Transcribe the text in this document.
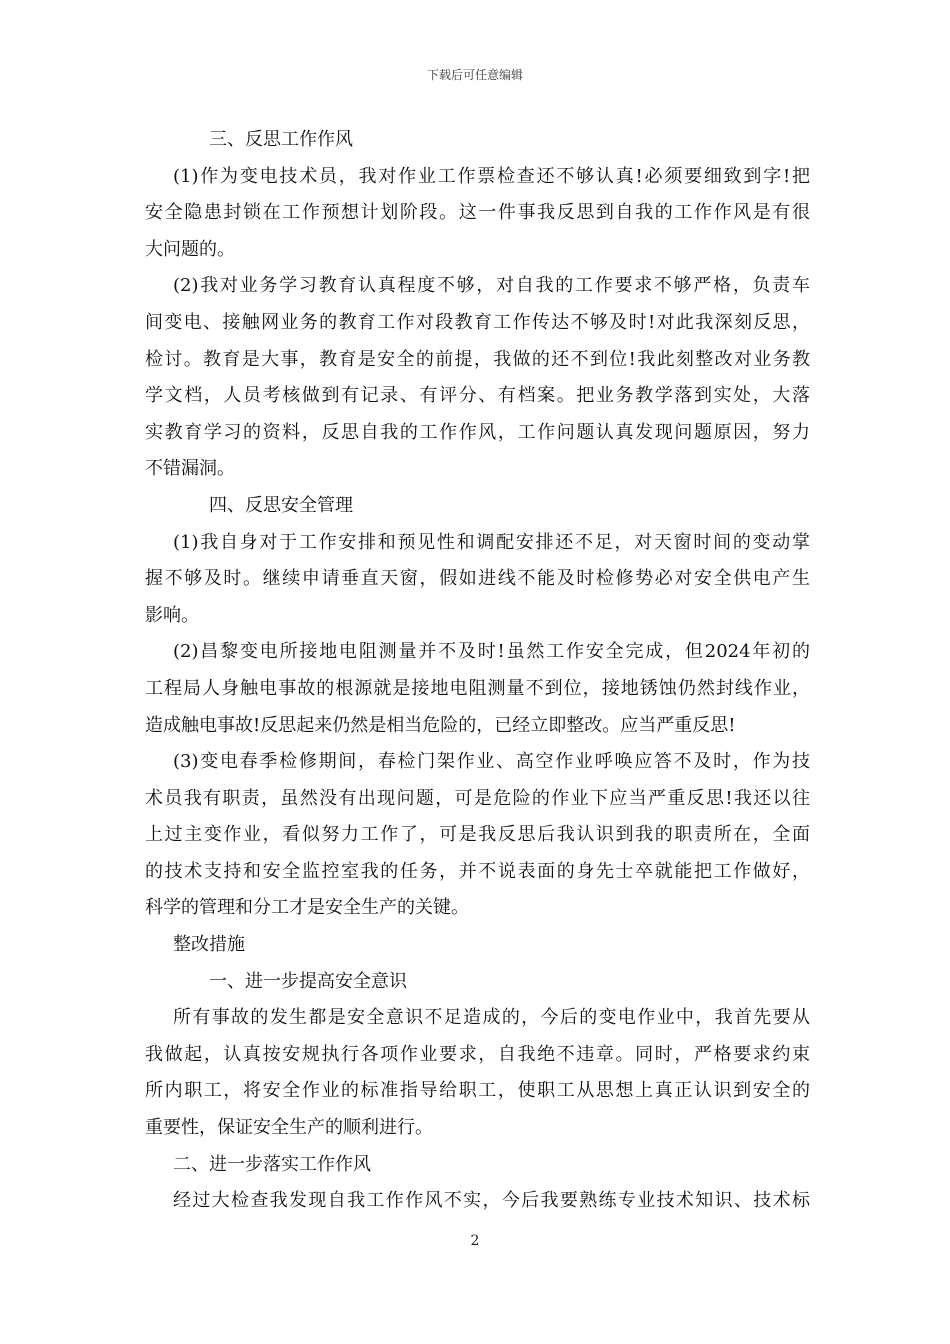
下载后可任意编辑
三、反思工作作风
(1)作为变电技术员，我对作业工作票检查还不够认真!必须要细致到字!把
安全隐患封锁在工作预想计划阶段。这一件事我反思到自我的工作作风是有很
大问题的。
(2)我对业务学习教育认真程度不够，对自我的工作要求不够严格，负责车
间变电、接触网业务的教育工作对段教育工作传达不够及时!对此我深刻反思，
检讨。教育是大事，教育是安全的前提，我做的还不到位!我此刻整改对业务教
学文档，人员考核做到有记录、有评分、有档案。把业务教学落到实处，大落
实教育学习的资料，反思自我的工作作风，工作问题认真发现问题原因，努力
不错漏洞。
四、反思安全管理
(1)我自身对于工作安排和预见性和调配安排还不足，对天窗时间的变动掌
握不够及时。继续申请垂直天窗，假如进线不能及时检修势必对安全供电产生
影响。
(2)昌黎变电所接地电阻测量并不及时!虽然工作安全完成，但2024年初的
工程局人身触电事故的根源就是接地电阻测量不到位，接地锈蚀仍然封线作业，
造成触电事故!反思起来仍然是相当危险的，已经立即整改。应当严重反思!
(3)变电春季检修期间，春检门架作业、高空作业呼唤应答不及时，作为技
术员我有职责，虽然没有出现问题，可是危险的作业下应当严重反思!我还以往
上过主变作业，看似努力工作了，可是我反思后我认识到我的职责所在，全面
的技术支持和安全监控室我的任务，并不说表面的身先士卒就能把工作做好，
科学的管理和分工才是安全生产的关键。
整改措施
一、进一步提高安全意识
所有事故的发生都是安全意识不足造成的，今后的变电作业中，我首先要从
我做起，认真按安规执行各项作业要求，自我绝不违章。同时，严格要求约束
所内职工，将安全作业的标准指导给职工，使职工从思想上真正认识到安全的
重要性，保证安全生产的顺利进行。
二、进一步落实工作作风
经过大检查我发现自我工作作风不实，今后我要熟练专业技术知识、技术标
2
